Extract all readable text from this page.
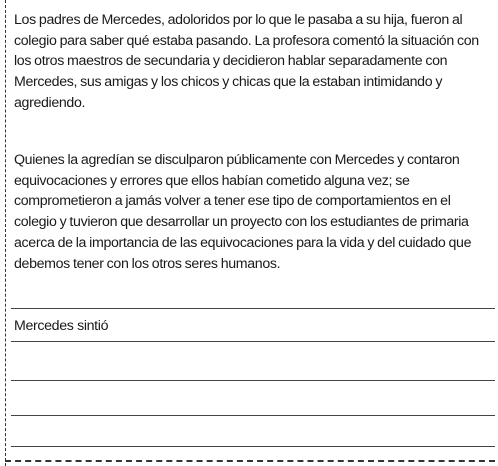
Los padres de Mercedes, adoloridos por lo que le pasaba a su hija, fueron al colegio para saber qué estaba pasando. La profesora comentó la situación con los otros maestros de secundaria y decidieron hablar separadamente con Mercedes, sus amigas y los chicos y chicas que la estaban intimidando y agrediendo.

Quienes la agredían se disculparon públicamente con Mercedes y contaron equivocaciones y errores que ellos habían cometido alguna vez; se comprometieron a jamás volver a tener ese tipo de comportamientos en el colegio y tuvieron que desarrollar un proyecto con los estudiantes de primaria acerca de la importancia de las equivocaciones para la vida y del cuidado que debemos tener con los otros seres humanos.

Mercedes sintió
